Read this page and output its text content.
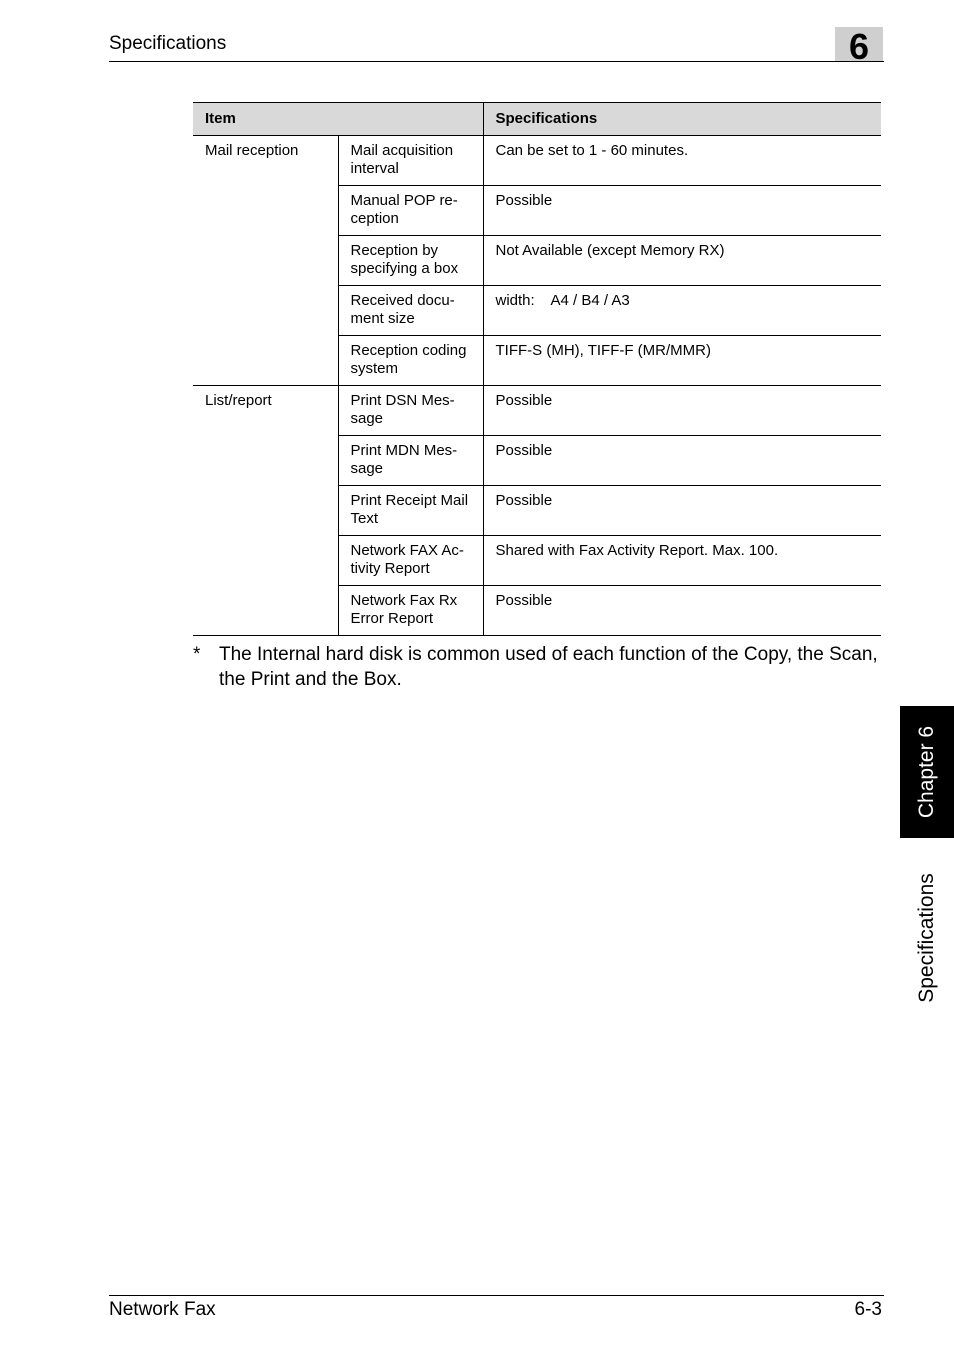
Specifications	6
Item		Specifications
Mail reception	Mail acquisition interval	Can be set to 1 - 60 minutes.
	Manual POP re-ception	Possible
	Reception by specifying a box	Not Available (except Memory RX)
	Received docu-ment size	width:    A4 / B4 / A3
	Reception coding system	TIFF-S (MH), TIFF-F (MR/MMR)
List/report	Print DSN Mes-sage	Possible
	Print MDN Mes-sage	Possible
	Print Receipt Mail Text	Possible
	Network FAX Ac-tivity Report	Shared with Fax Activity Report. Max. 100.
	Network Fax Rx Error Report	Possible
* The Internal hard disk is common used of each function of the Copy, the Scan, the Print and the Box.
Chapter 6
Specifications
Network Fax	6-3
